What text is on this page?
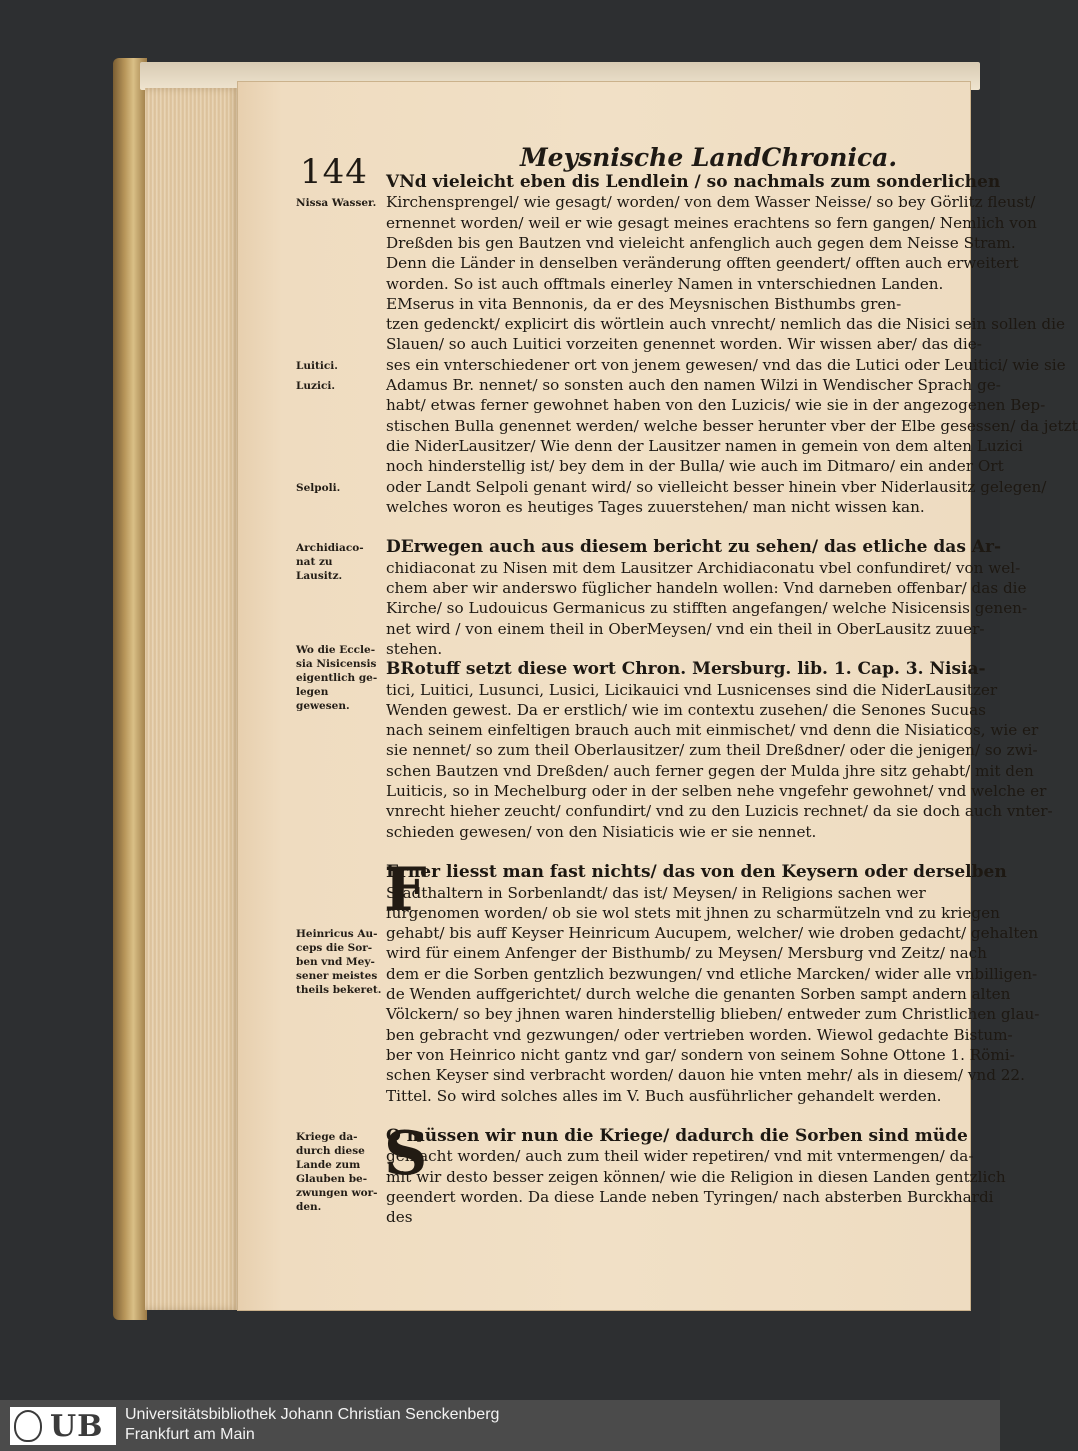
144	Meysnische LandChronica.
VNd vieleicht eben dis Lendlein / so nachmals zum sonderlichen
Kirchensprengel/ wie gesagt/ worden/ von dem Wasser Neisse/ so bey Görlitz fleust/
ernennet worden/ weil er wie gesagt meines erachtens so fern gangen/ Nemlich von
Dreßden bis gen Bautzen vnd vieleicht anfenglich auch gegen dem Neisse Stram.
Denn die Länder in denselben veränderung offten geendert/ offten auch erweitert
worden. So ist auch offtmals einerley Namen in vnterschiednen Landen.
EMserus in vita Bennonis, da er des Meysnischen Bisthumbs gren-
tzen gedenckt/ explicirt dis wörtlein auch vnrecht/ nemlich das die Nisici sein sollen die
Slauen/ so auch Luitici vorzeiten genennet worden. Wir wissen aber/ das die-
ses ein vnterschiedener ort von jenem gewesen/ vnd das die Lutici oder Leuitici/ wie sie
Adamus Br. nennet/ so sonsten auch den namen Wilzi in Wendischer Sprach ge-
habt/ etwas ferner gewohnet haben von den Luzicis/ wie sie in der angezogenen Bep-
stischen Bulla genennet werden/ welche besser herunter vber der Elbe gesessen/ da jetzt
die NiderLausitzer/ Wie denn der Lausitzer namen in gemein von dem alten Luzici
noch hinderstellig ist/ bey dem in der Bulla/ wie auch im Ditmaro/ ein ander Ort
oder Landt Selpoli genant wird/ so vielleicht besser hinein vber Niderlausitz gelegen/
welches woron es heutiges Tages zuuerstehen/ man nicht wissen kan.
DErwegen auch aus diesem bericht zu sehen/ das etliche das Ar-
chidiaconat zu Nisen mit dem Lausitzer Archidiaconatu vbel confundiret/ von wel-
chem aber wir anderswo füglicher handeln wollen: Vnd darneben offenbar/ das die
Kirche/ so Ludouicus Germanicus zu stifften angefangen/ welche Nisicensis genen-
net wird / von einem theil in OberMeysen/ vnd ein theil in OberLausitz zuuer-
stehen.
BRotuff setzt diese wort Chron. Mersburg. lib. 1. Cap. 3. Nisia-
tici, Luitici, Lusunci, Lusici, Licikauici vnd Lusnicenses sind die NiderLausitzer
Wenden gewest. Da er erstlich/ wie im contextu zusehen/ die Senones Sucuas
nach seinem einfeltigen brauch auch mit einmischet/ vnd denn die Nisiaticos, wie er
sie nennet/ so zum theil Oberlausitzer/ zum theil Dreßdner/ oder die jenigen/ so zwi-
schen Bautzen vnd Dreßden/ auch ferner gegen der Mulda jhre sitz gehabt/ mit den
Luiticis, so in Mechelburg oder in der selben nehe vngefehr gewohnet/ vnd welche er
vnrecht hieher zeucht/ confundirt/ vnd zu den Luzicis rechnet/ da sie doch auch vnter-
schieden gewesen/ von den Nisiaticis wie er sie nennet.
Erner liesst man fast nichts/ das von den Keysern oder derselben
Stadthaltern in Sorbenlandt/ das ist/ Meysen/ in Religions sachen wer
fürgenomen worden/ ob sie wol stets mit jhnen zu scharmützeln vnd zu kriegen
gehabt/ bis auff Keyser Heinricum Aucupem, welcher/ wie droben gedacht/ gehalten
wird für einem Anfenger der Bisthumb/ zu Meysen/ Mersburg vnd Zeitz/ nach
dem er die Sorben gentzlich bezwungen/ vnd etliche Marcken/ wider alle vnbilligen-
de Wenden auffgerichtet/ durch welche die genanten Sorben sampt andern alten
Völckern/ so bey jhnen waren hinderstellig blieben/ entweder zum Christlichen glau-
ben gebracht vnd gezwungen/ oder vertrieben worden. Wiewol gedachte Bistum-
ber von Heinrico nicht gantz vnd gar/ sondern von seinem Sohne Ottone 1. Römi-
schen Keyser sind verbracht worden/ dauon hie vnten mehr/ als in diesem/ vnd 22.
Tittel. So wird solches alles im V. Buch ausführlicher gehandelt werden.
O müssen wir nun die Kriege/ dadurch die Sorben sind müde
gemacht worden/ auch zum theil wider repetiren/ vnd mit vntermengen/ da-
mit wir desto besser zeigen können/ wie die Religion in diesen Landen gentzlich
geendert worden. Da diese Lande neben Tyringen/ nach absterben Burckhardi
des
Nissa Wasser.
Luitici.
Luzici.
Selpoli.
Archidiaco-nat zu Lausitz.
Wo die Eccle-sia Nisicensis eigentlich ge-legen gewesen.
Heinricus Au-ceps die Sor-ben vnd Mey-sener meistes theils bekeret.
Kriege da-durch diese Lande zum Glauben be-zwungen wor-den.
F
S
UB Universitätsbibliothek Johann Christian Senckenberg
Frankfurt am Main
